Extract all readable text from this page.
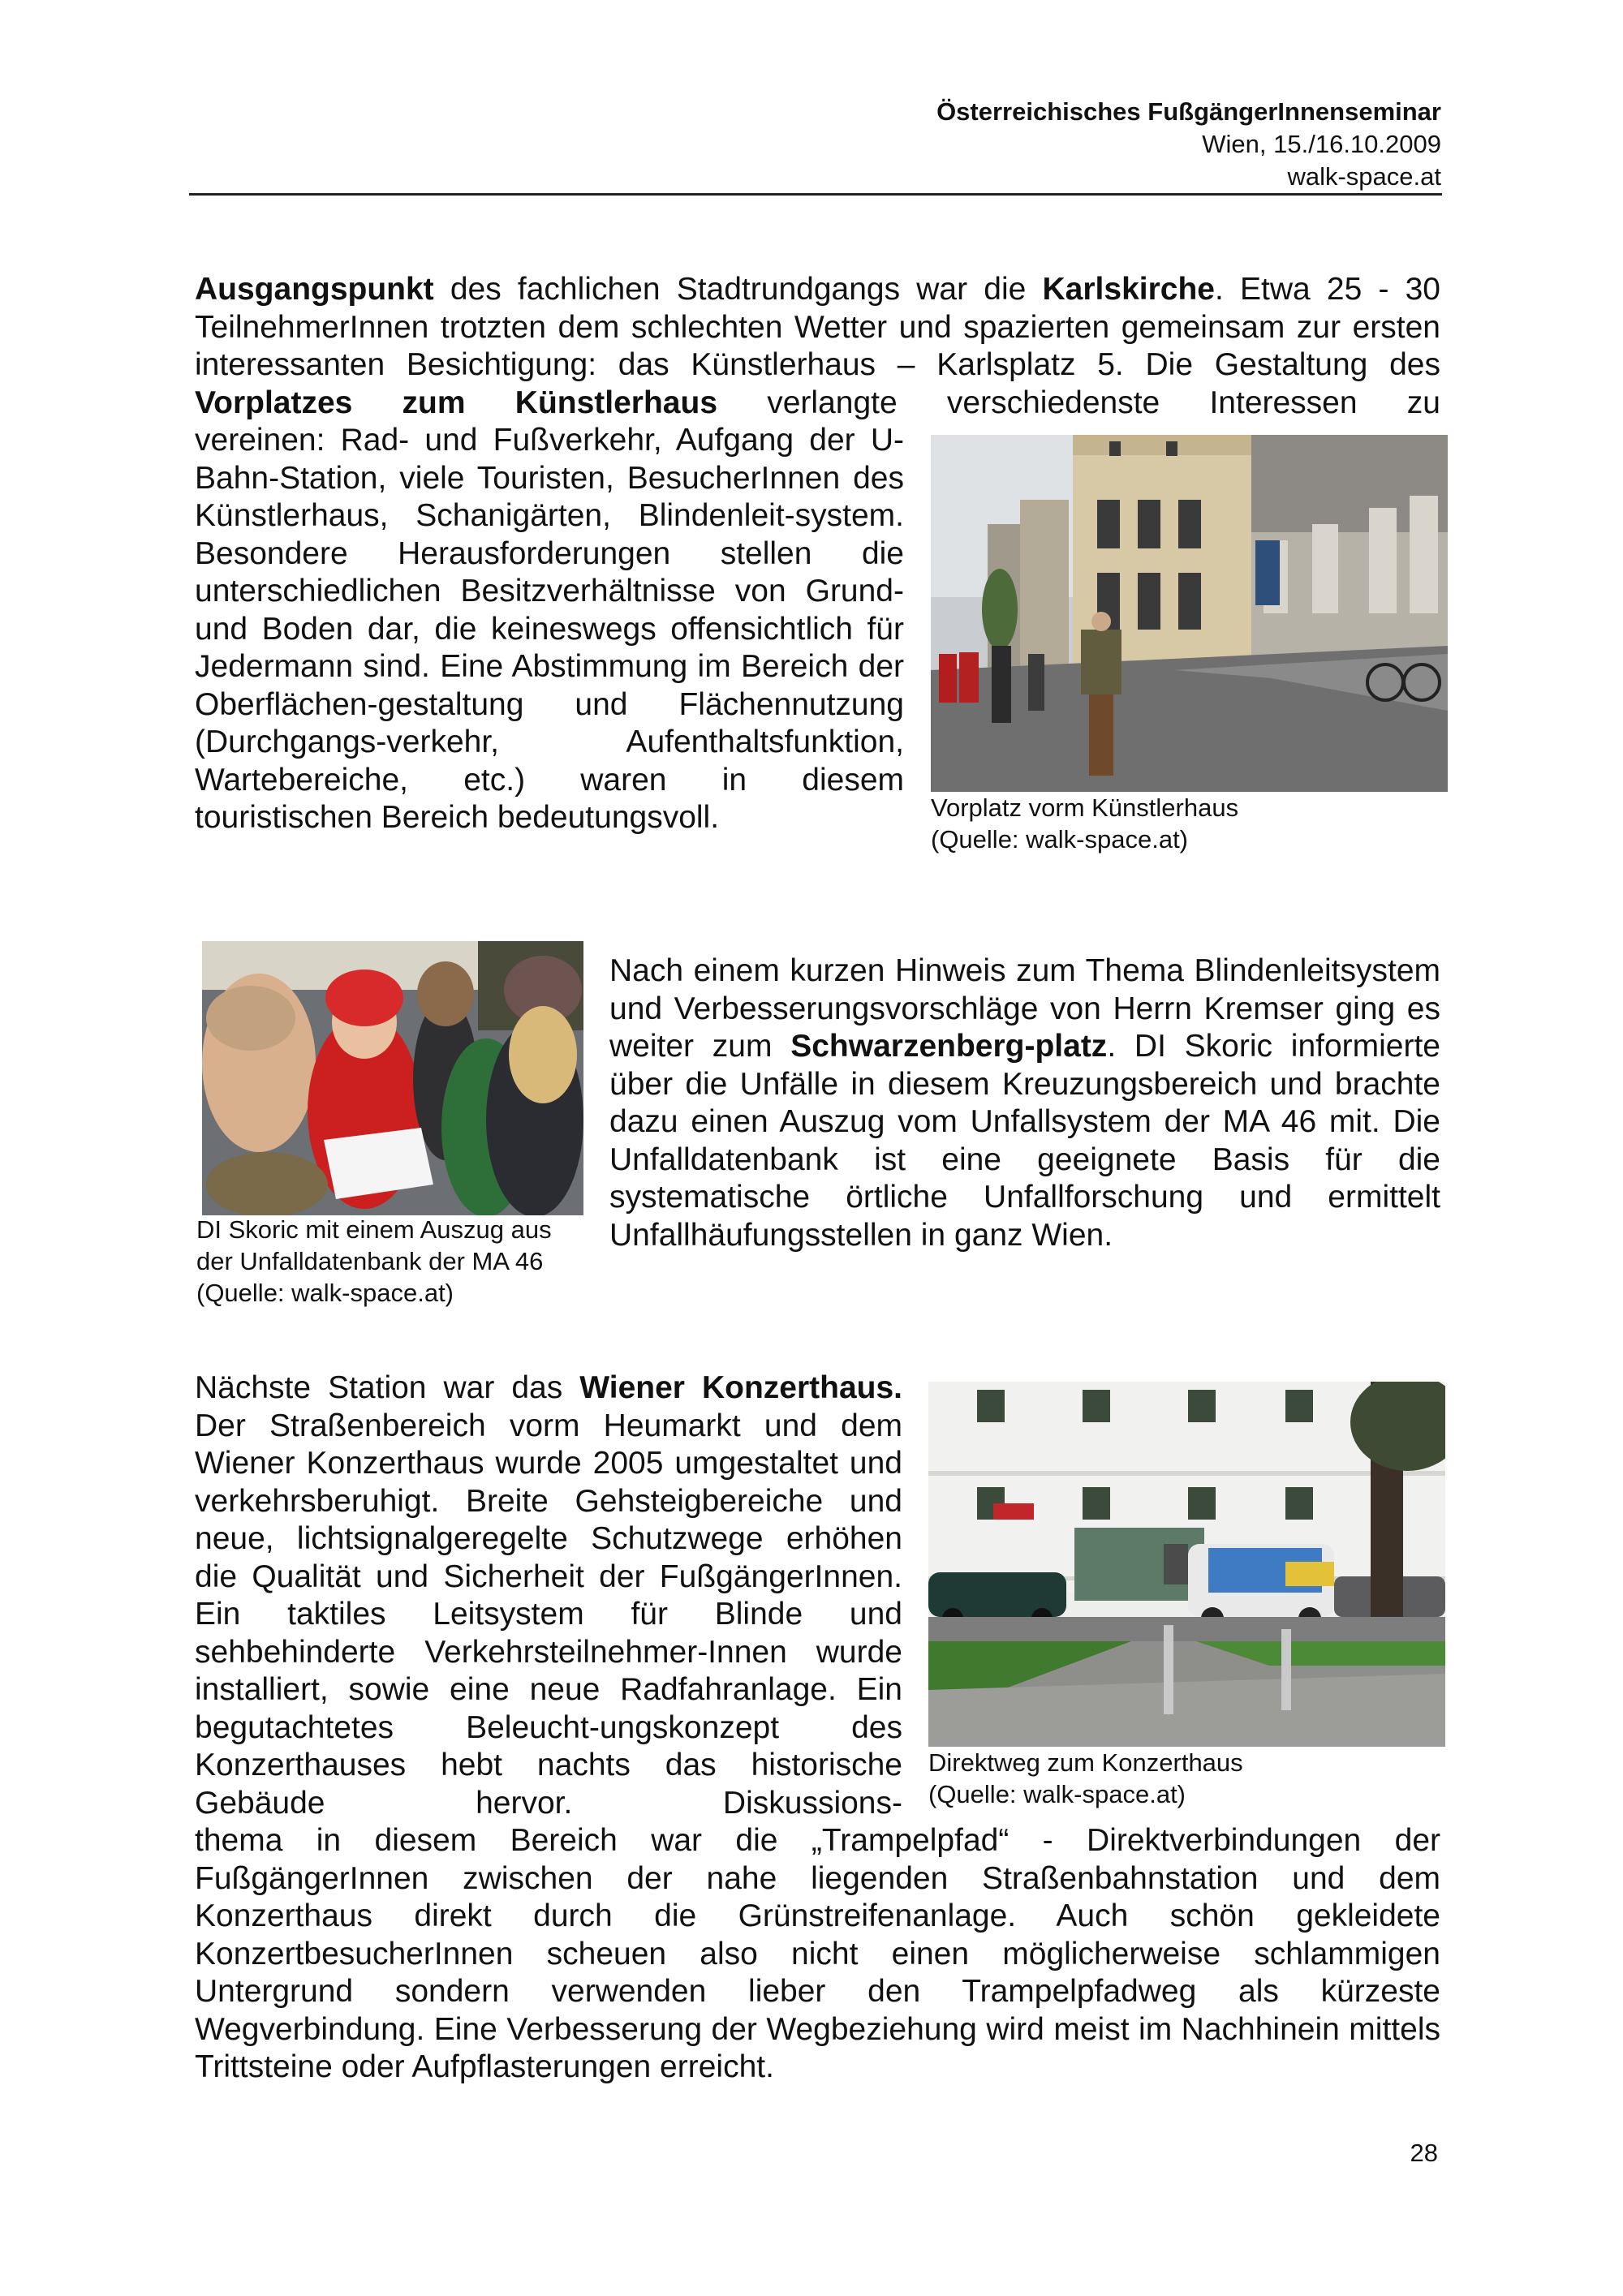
Österreichisches FußgängerInnenseminar
Wien, 15./16.10.2009
walk-space.at

Ausgangspunkt des fachlichen Stadtrundgangs war die Karlskirche. Etwa 25 - 30 TeilnehmerInnen trotzten dem schlechten Wetter und spazierten gemeinsam zur ersten interessanten Besichtigung: das Künstlerhaus – Karlsplatz 5. Die Gestaltung des Vorplatzes zum Künstlerhaus verlangte verschiedenste Interessen zu

vereinen: Rad- und Fußverkehr, Aufgang der U-Bahn-Station, viele Touristen, BesucherInnen des Künstlerhaus, Schanigärten, Blindenleit-system. Besondere Herausforderungen stellen die unterschiedlichen Besitzverhältnisse von Grund- und Boden dar, die keineswegs offensichtlich für Jedermann sind. Eine Abstimmung im Bereich der Oberflächen-gestaltung und Flächennutzung (Durchgangs-verkehr, Aufenthaltsfunktion, Wartebereiche, etc.) waren in diesem touristischen Bereich bedeutungsvoll.	Vorplatz vorm Künstlerhaus
(Quelle: walk-space.at)
DI Skoric mit einem Auszug aus
der Unfalldatenbank der MA 46
(Quelle: walk-space.at)

Nach einem kurzen Hinweis zum Thema Blindenleitsystem und Verbesserungsvorschläge von Herrn Kremser ging es weiter zum Schwarzenberg-platz. DI Skoric informierte über die Unfälle in diesem Kreuzungsbereich und brachte dazu einen Auszug vom Unfallsystem der MA 46 mit. Die Unfalldatenbank ist eine geeignete Basis für die systematische örtliche Unfallforschung und ermittelt Unfallhäufungsstellen in ganz Wien.

Nächste Station war das Wiener Konzerthaus. Der Straßenbereich vorm Heumarkt und dem Wiener Konzerthaus wurde 2005 umgestaltet und verkehrsberuhigt. Breite Gehsteigbereiche und neue, lichtsignalgeregelte Schutzwege erhöhen die Qualität und Sicherheit der FußgängerInnen. Ein taktiles Leitsystem für Blinde und sehbehinderte Verkehrsteilnehmer-Innen wurde installiert, sowie eine neue Radfahranlage. Ein begutachtetes Beleucht-ungskonzept des Konzerthauses hebt nachts das historische Gebäude hervor. Diskussions-

Direktweg zum Konzerthaus
(Quelle: walk-space.at)

thema in diesem Bereich war die „Trampelpfad“ - Direktverbindungen der FußgängerInnen zwischen der nahe liegenden Straßenbahnstation und dem Konzerthaus direkt durch die Grünstreifenanlage. Auch schön gekleidete KonzertbesucherInnen scheuen also nicht einen möglicherweise schlammigen Untergrund sondern verwenden lieber den Trampelpfadweg als kürzeste Wegverbindung. Eine Verbesserung der Wegbeziehung wird meist im Nachhinein mittels Trittsteine oder Aufpflasterungen erreicht.

28
